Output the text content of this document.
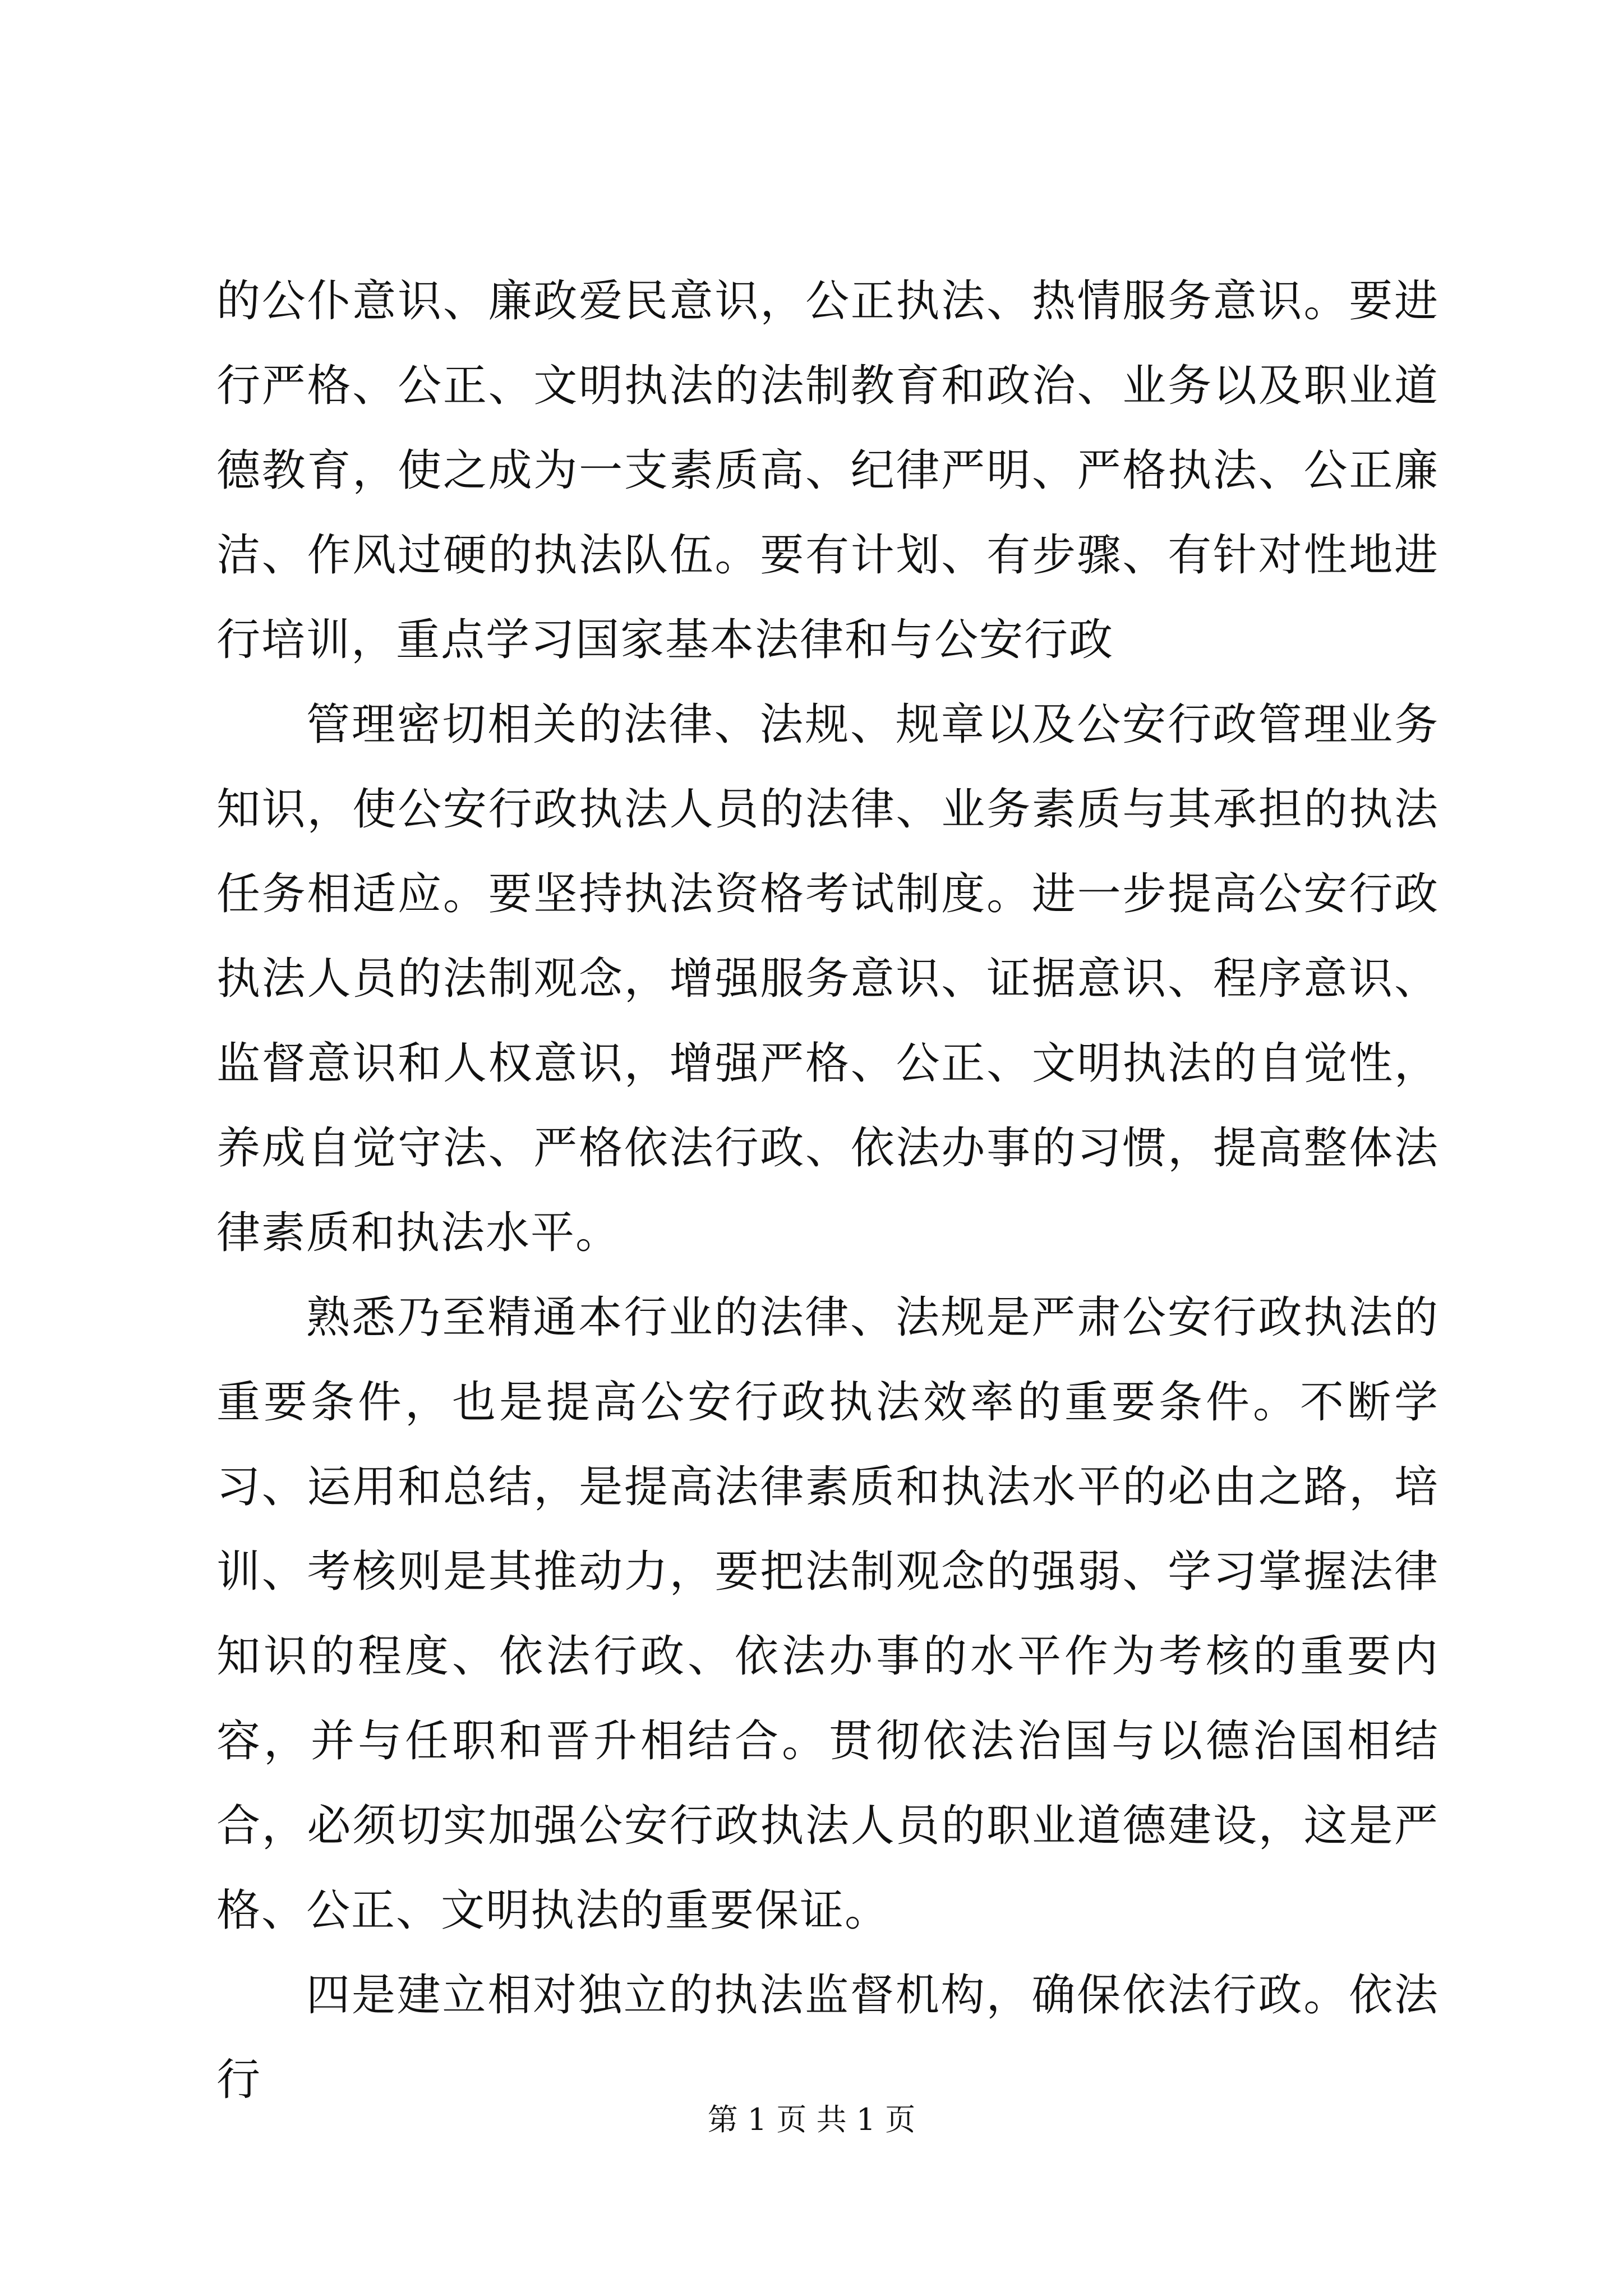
的公仆意识、廉政爱民意识，公正执法、热情服务意识。要进行严格、公正、文明执法的法制教育和政治、业务以及职业道德教育，使之成为一支素质高、纪律严明、严格执法、公正廉洁、作风过硬的执法队伍。要有计划、有步骤、有针对性地进行培训，重点学习国家基本法律和与公安行政

管理密切相关的法律、法规、规章以及公安行政管理业务知识，使公安行政执法人员的法律、业务素质与其承担的执法任务相适应。要坚持执法资格考试制度。进一步提高公安行政执法人员的法制观念，增强服务意识、证据意识、程序意识、监督意识和人权意识，增强严格、公正、文明执法的自觉性，养成自觉守法、严格依法行政、依法办事的习惯，提高整体法律素质和执法水平。

熟悉乃至精通本行业的法律、法规是严肃公安行政执法的重要条件，也是提高公安行政执法效率的重要条件。不断学习、运用和总结，是提高法律素质和执法水平的必由之路，培训、考核则是其推动力，要把法制观念的强弱、学习掌握法律知识的程度、依法行政、依法办事的水平作为考核的重要内容，并与任职和晋升相结合。贯彻依法治国与以德治国相结合，必须切实加强公安行政执法人员的职业道德建设，这是严格、公正、文明执法的重要保证。

四是建立相对独立的执法监督机构，确保依法行政。依法行

第 1 页 共 1 页
